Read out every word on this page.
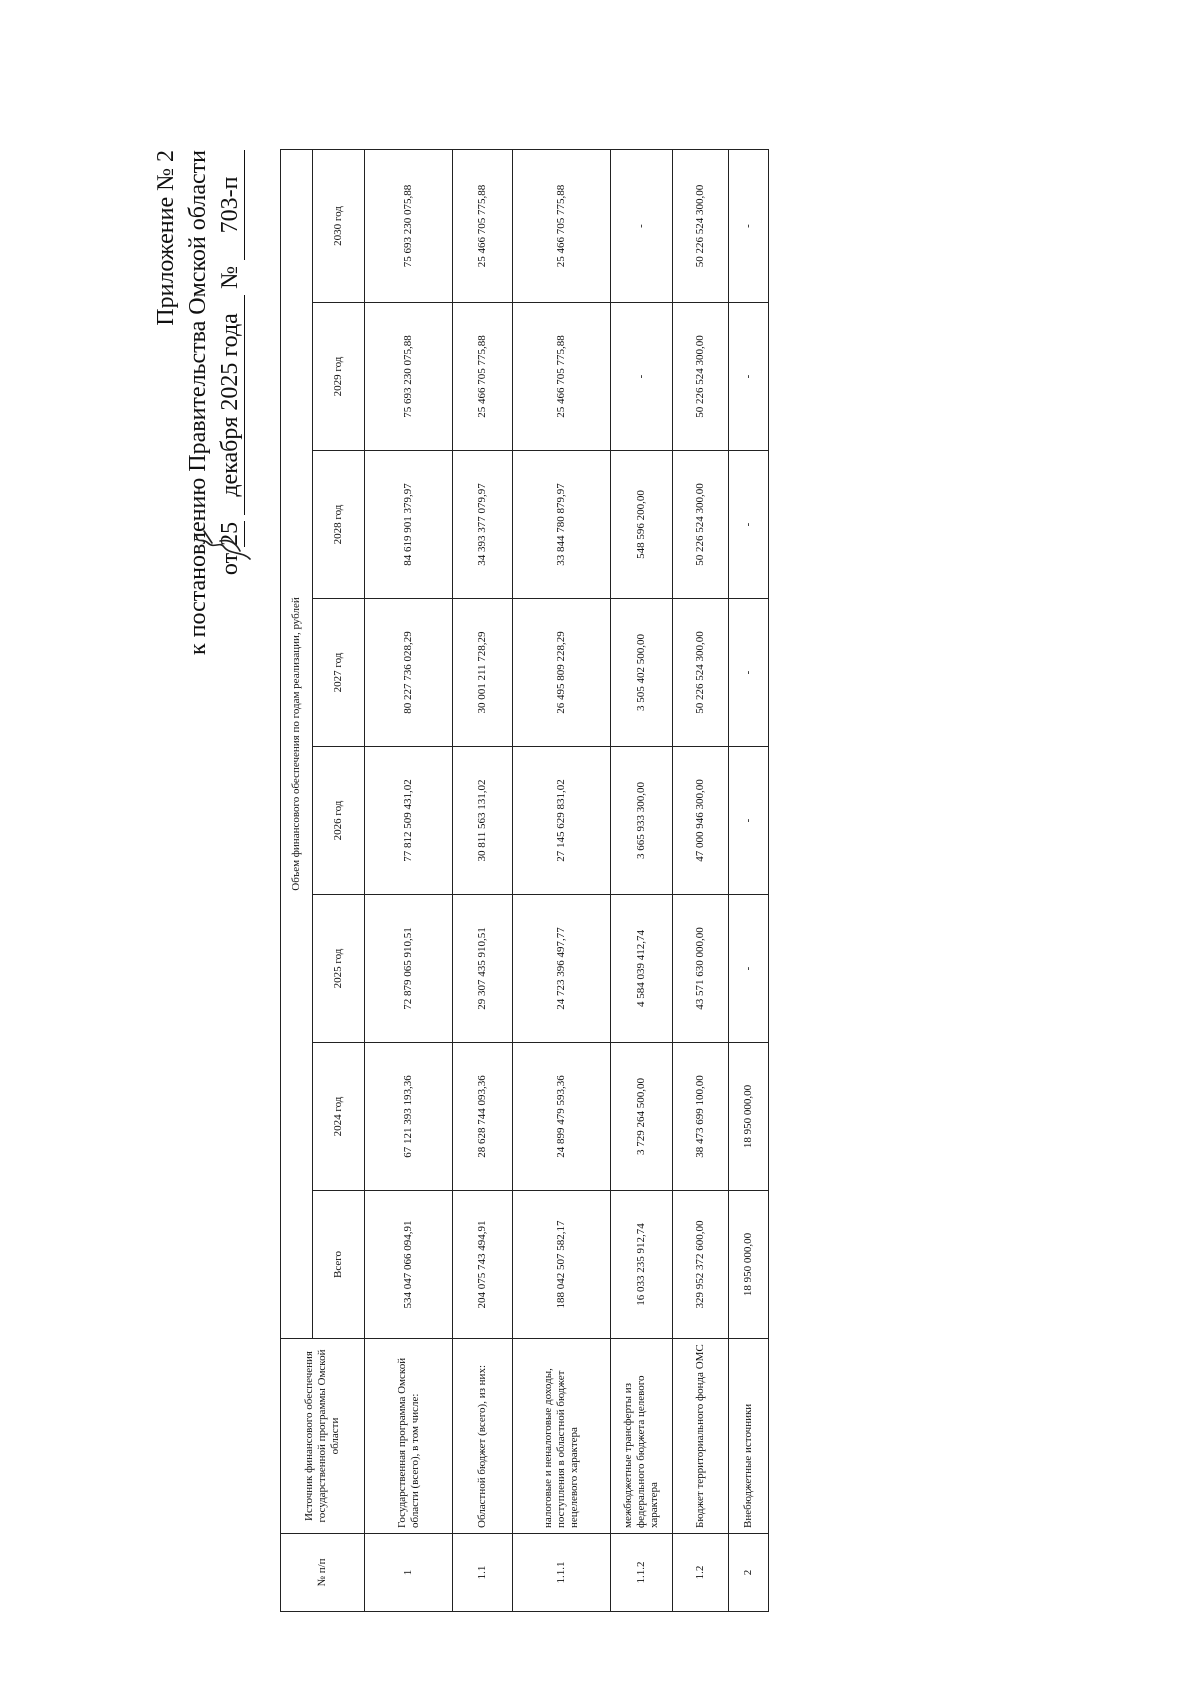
Приложение № 2 к постановлению Правительства Омской области от 25 декабря 2025 года № 703-п
№ п/п	Источник финансового обеспечения государственной программы Омской области	Объем финансового обеспечения по годам реализации, рублей							
		Всего	2024 год	2025 год	2026 год	2027 год	2028 год	2029 год	2030 год
1	Государственная программа Омской области (всего), в том числе:	534 047 066 094,91	67 121 393 193,36	72 879 065 910,51	77 812 509 431,02	80 227 736 028,29	84 619 901 379,97	75 693 230 075,88	75 693 230 075,88
1.1	Областной бюджет (всего), из них:	204 075 743 494,91	28 628 744 093,36	29 307 435 910,51	30 811 563 131,02	30 001 211 728,29	34 393 377 079,97	25 466 705 775,88	25 466 705 775,88
1.1.1	налоговые и неналоговые доходы, поступления в областной бюджет нецелевого характера	188 042 507 582,17	24 899 479 593,36	24 723 396 497,77	27 145 629 831,02	26 495 809 228,29	33 844 780 879,97	25 466 705 775,88	25 466 705 775,88
1.1.2	межбюджетные трансферты из федерального бюджета целевого характера	16 033 235 912,74	3 729 264 500,00	4 584 039 412,74	3 665 933 300,00	3 505 402 500,00	548 596 200,00	-	-
1.2	Бюджет территориального фонда ОМС	329 952 372 600,00	38 473 699 100,00	43 571 630 000,00	47 000 946 300,00	50 226 524 300,00	50 226 524 300,00	50 226 524 300,00	50 226 524 300,00
2	Внебюджетные источники	18 950 000,00	18 950 000,00	-	-	-	-	-	-
